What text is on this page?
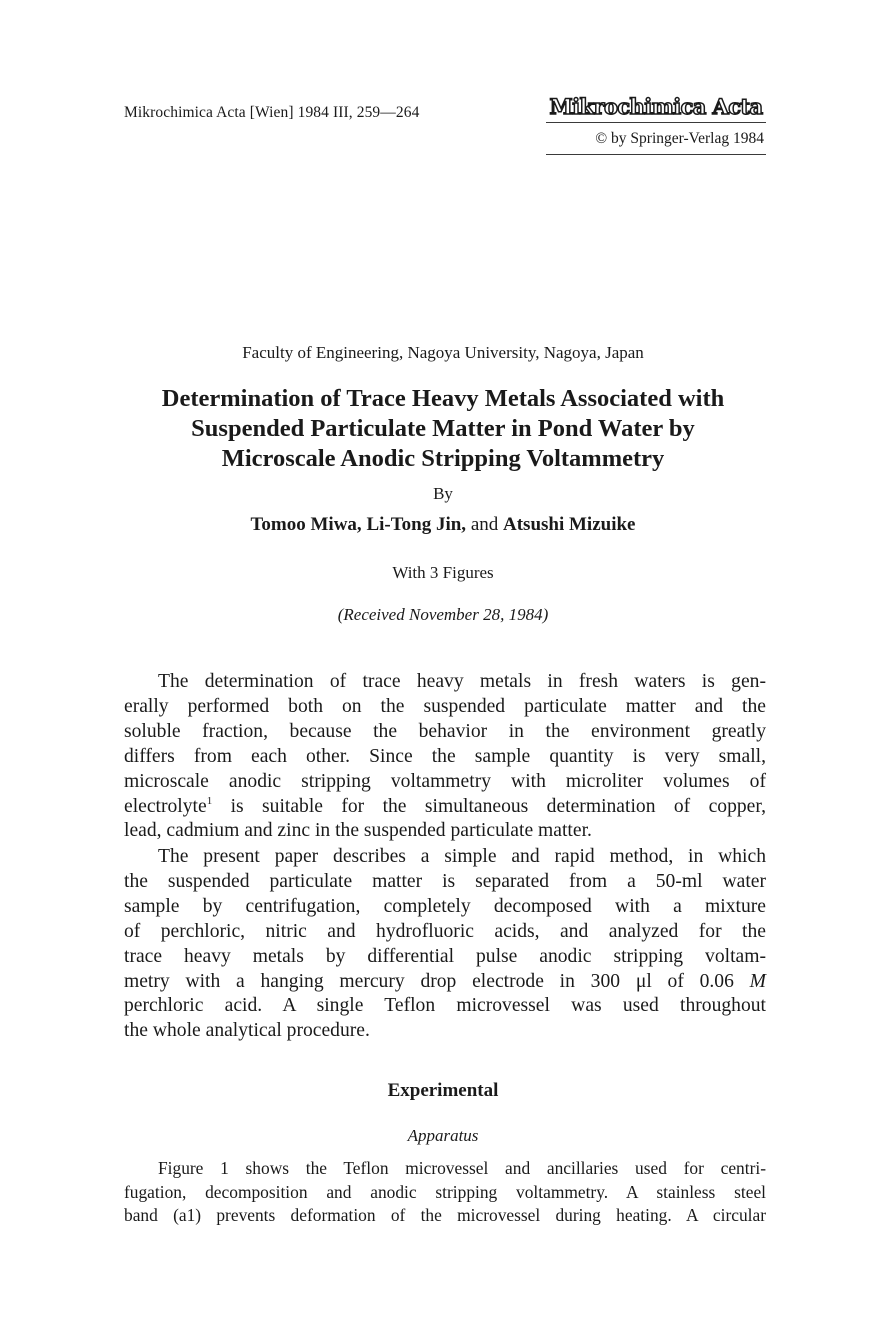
Mikrochimica Acta [Wien] 1984 III, 259—264	Mikrochimica Acta
© by Springer-Verlag 1984
Faculty of Engineering, Nagoya University, Nagoya, Japan
Determination of Trace Heavy Metals Associated with
Suspended Particulate Matter in Pond Water by
Microscale Anodic Stripping Voltammetry
By
Tomoo Miwa, Li-Tong Jin, and Atsushi Mizuike
With 3 Figures
(Received November 28, 1984)

The determination of trace heavy metals in fresh waters is gen-
erally performed both on the suspended particulate matter and the
soluble fraction, because the behavior in the environment greatly
differs from each other. Since the sample quantity is very small,
microscale anodic stripping voltammetry with microliter volumes of
electrolyte$^1$ is suitable for the simultaneous determination of copper,
lead, cadmium and zinc in the suspended particulate matter.

The present paper describes a simple and rapid method, in which
the suspended particulate matter is separated from a 50-ml water
sample by centrifugation, completely decomposed with a mixture
of perchloric, nitric and hydrofluoric acids, and analyzed for the
trace heavy metals by differential pulse anodic stripping voltam-
metry with a hanging mercury drop electrode in 300 μl of 0.06 M
perchloric acid. A single Teflon microvessel was used throughout
the whole analytical procedure.

Experimental
Apparatus

Figure 1 shows the Teflon microvessel and ancillaries used for centri-
fugation, decomposition and anodic stripping voltammetry. A stainless steel
band (a1) prevents deformation of the microvessel during heating. A circular
